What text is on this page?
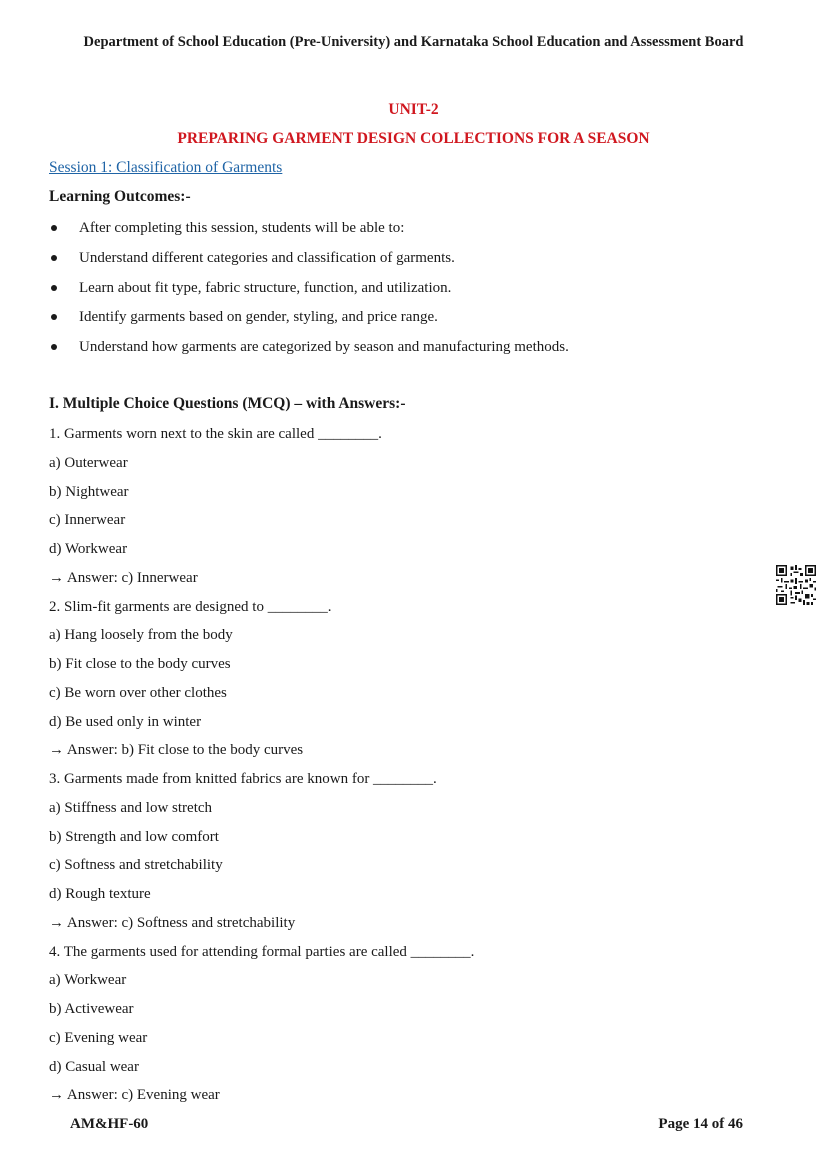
Department of School Education (Pre-University) and Karnataka School Education and Assessment Board
UNIT-2
PREPARING GARMENT DESIGN COLLECTIONS FOR A SEASON
Session 1: Classification of Garments
Learning Outcomes:-
After completing this session, students will be able to:
Understand different categories and classification of garments.
Learn about fit type, fabric structure, function, and utilization.
Identify garments based on gender, styling, and price range.
Understand how garments are categorized by season and manufacturing methods.
I. Multiple Choice Questions (MCQ) – with Answers:-
1. Garments worn next to the skin are called ________.
a) Outerwear
b) Nightwear
c) Innerwear
d) Workwear
→ Answer: c) Innerwear
2. Slim-fit garments are designed to ________.
a) Hang loosely from the body
b) Fit close to the body curves
c) Be worn over other clothes
d) Be used only in winter
→ Answer: b) Fit close to the body curves
3. Garments made from knitted fabrics are known for ________.
a) Stiffness and low stretch
b) Strength and low comfort
c) Softness and stretchability
d) Rough texture
→ Answer: c) Softness and stretchability
4. The garments used for attending formal parties are called ________.
a) Workwear
b) Activewear
c) Evening wear
d) Casual wear
→ Answer: c) Evening wear
AM&HF-60	Page 14 of 46
